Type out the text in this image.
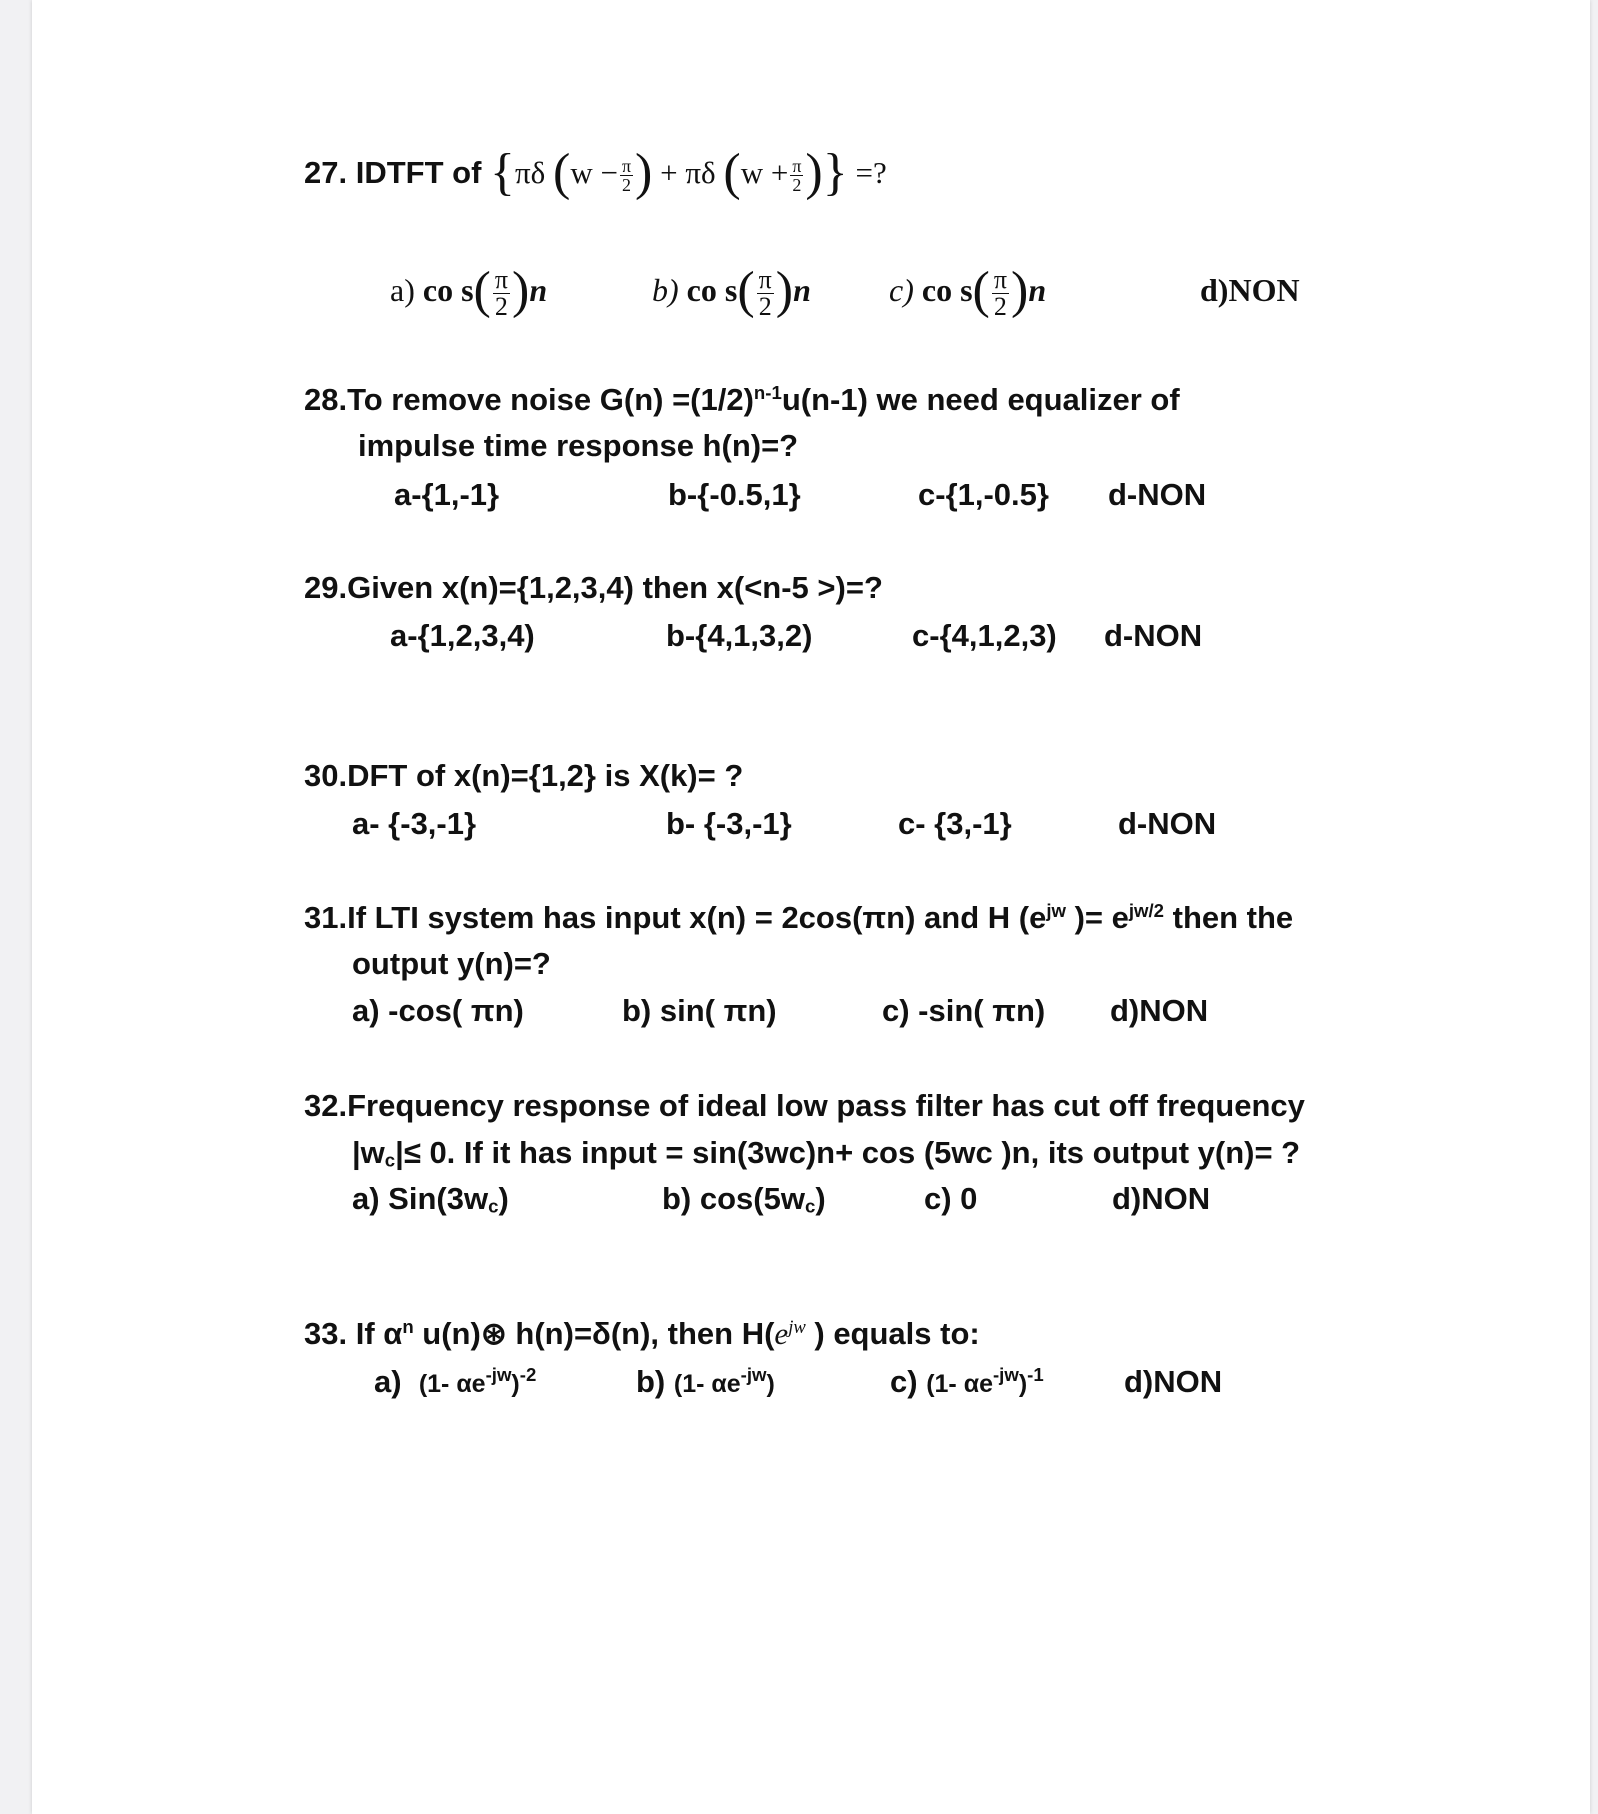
27. IDTFT of {πδ ($w - \frac{\pi}{2}$ ) + πδ ($w + \frac{\pi}{2}$ )} =?
a) co $s( \frac{\pi}{2} )n$	b) co $s( \frac{\pi}{2} )n$ c) co $s( \frac{\pi}{2} )n$	d)NON
28.To remove noise $G(n) =(1/2)^{n-1}u(n-1)$ we need equalizer of
impulse time response h(n)=?
a-{1,-1}	b-{-0.5,1}	c-{1,-0.5} d-NON
29.Given x(n)={1,2,3,4) then x(<n-5 >)=?
a-{1,2,3,4)	b-{4,1,3,2)	c-{4,1,2,3) d-NON
30.DFT of x(n)={1,2} is X(k)= ?
a- {-3,-1}	b- {-3,-1}	c- {3,-1}	d-NON
31.If LTI system has input x(n) = 2cos(πn) and H ($e^{jw}$ )= $e^{jw/2}$ then the
output y(n)=?
a) -cos( πn)	b) sin( πn)	c) -sin( πn) d)NON
32.Frequency response of ideal low pass filter has cut off frequency
$|w_c|\le 0$. If it has input = sin(3wc)n+ cos (5wc )n, its output y(n)= ?
a) $Sin(3w_c)$	b) $\cos(5w_c)$	c) 0	d)NON
33. If $\alpha^n$ u(n)⊛ h(n)=δ(n), then $H(e^{jw}$ ) equals to:
a) (1- $\alpha e^{-jw})^{-2}$	b) (1- $\alpha e^{-jw}$)	c) (1- $\alpha e^{-jw})^{-1}$	d)NON
